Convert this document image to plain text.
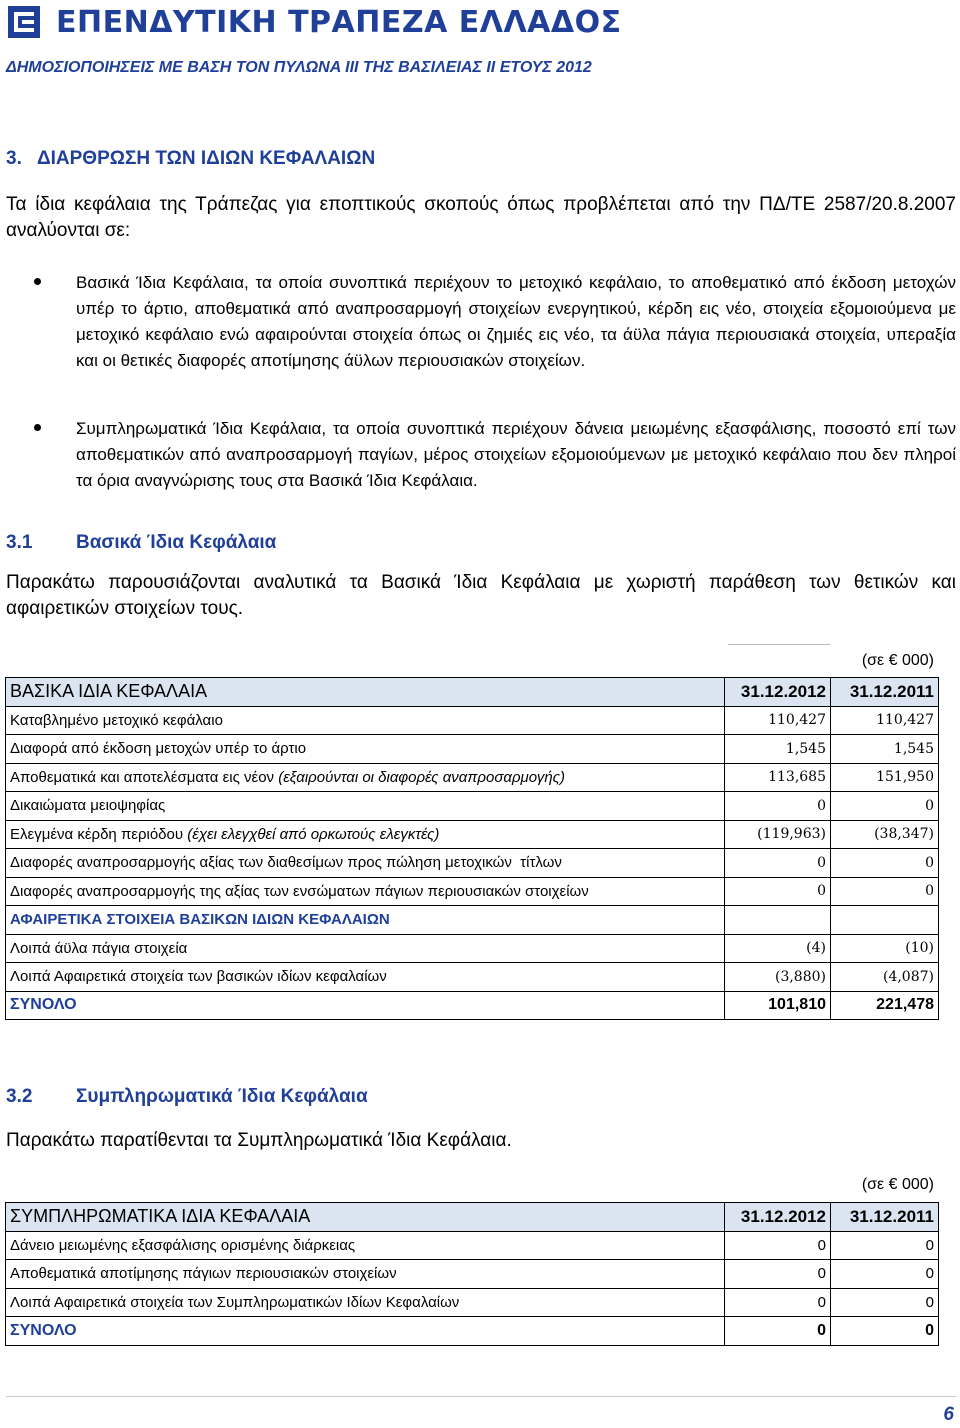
ΕΠΕΝΔΥΤΙΚΗ ΤΡΑΠΕΖΑ ΕΛΛΑΔΟΣ
ΔΗΜΟΣΙΟΠΟΙΗΣΕΙΣ ΜΕ ΒΑΣΗ ΤΟΝ ΠΥΛΩΝΑ ΙΙΙ ΤΗΣ ΒΑΣΙΛΕΙΑΣ ΙΙ ΕΤΟΥΣ 2012
3.   ΔΙΑΡΘΡΩΣΗ ΤΩΝ ΙΔΙΩΝ ΚΕΦΑΛΑΙΩΝ
Τα ίδια κεφάλαια της Τράπεζας για εποπτικούς σκοπούς όπως προβλέπεται από την ΠΔ/ΤΕ 2587/20.8.2007 αναλύονται σε:
Βασικά Ίδια Κεφάλαια, τα οποία συνοπτικά περιέχουν το μετοχικό κεφάλαιο, το αποθεματικό από έκδοση μετοχών υπέρ το άρτιο, αποθεματικά από αναπροσαρμογή στοιχείων ενεργητικού, κέρδη εις νέο, στοιχεία εξομοιούμενα με μετοχικό κεφάλαιο ενώ αφαιρούνται στοιχεία όπως οι ζημιές εις νέο, τα άϋλα πάγια περιουσιακά στοιχεία, υπεραξία και οι θετικές διαφορές αποτίμησης άϋλων περιουσιακών στοιχείων.
Συμπληρωματικά Ίδια Κεφάλαια, τα οποία συνοπτικά περιέχουν δάνεια μειωμένης εξασφάλισης, ποσοστό επί των αποθεματικών από αναπροσαρμογή παγίων, μέρος στοιχείων εξομοιούμενων με μετοχικό κεφάλαιο που δεν πληροί τα όρια αναγνώρισης τους στα Βασικά Ίδια Κεφάλαια.
3.1 Βασικά Ίδια Κεφάλαια
Παρακάτω παρουσιάζονται αναλυτικά τα Βασικά Ίδια Κεφάλαια με χωριστή παράθεση των θετικών και αφαιρετικών στοιχείων τους.
(σε € 000)
ΒΑΣΙΚΑ ΙΔΙΑ ΚΕΦΑΛΑΙΑ	31.12.2012	31.12.2011
Καταβλημένο μετοχικό κεφάλαιο	110,427	110,427
Διαφορά από έκδοση μετοχών υπέρ το άρτιο	1,545	1,545
Αποθεματικά και αποτελέσματα εις νέον (εξαιρούνται οι διαφορές αναπροσαρμογής)	113,685	151,950
Δικαιώματα μειοψηφίας	0	0
Ελεγμένα κέρδη περιόδου (έχει ελεγχθεί από ορκωτούς ελεγκτές)	(119,963)	(38,347)
Διαφορές αναπροσαρμογής αξίας των διαθεσίμων προς πώληση μετοχικών  τίτλων	0	0
Διαφορές αναπροσαρμογής της αξίας των ενσώματων πάγιων περιουσιακών στοιχείων	0	0
ΑΦΑΙΡΕΤΙΚΑ ΣΤΟΙΧΕΙΑ ΒΑΣΙΚΩΝ ΙΔΙΩΝ ΚΕΦΑΛΑΙΩΝ		
Λοιπά άϋλα πάγια στοιχεία	(4)	(10)
Λοιπά Αφαιρετικά στοιχεία των βασικών ιδίων κεφαλαίων	(3,880)	(4,087)
ΣΥΝΟΛΟ	101,810	221,478
3.2 Συμπληρωματικά Ίδια Κεφάλαια
Παρακάτω παρατίθενται τα Συμπληρωματικά Ίδια Κεφάλαια.
(σε € 000)
ΣΥΜΠΛΗΡΩΜΑΤΙΚΑ ΙΔΙΑ ΚΕΦΑΛΑΙΑ	31.12.2012	31.12.2011
Δάνειο μειωμένης εξασφάλισης ορισμένης διάρκειας	0	0
Αποθεματικά αποτίμησης πάγιων περιουσιακών στοιχείων	0	0
Λοιπά Αφαιρετικά στοιχεία των Συμπληρωματικών Ιδίων Κεφαλαίων	0	0
ΣΥΝΟΛΟ	0	0
6
